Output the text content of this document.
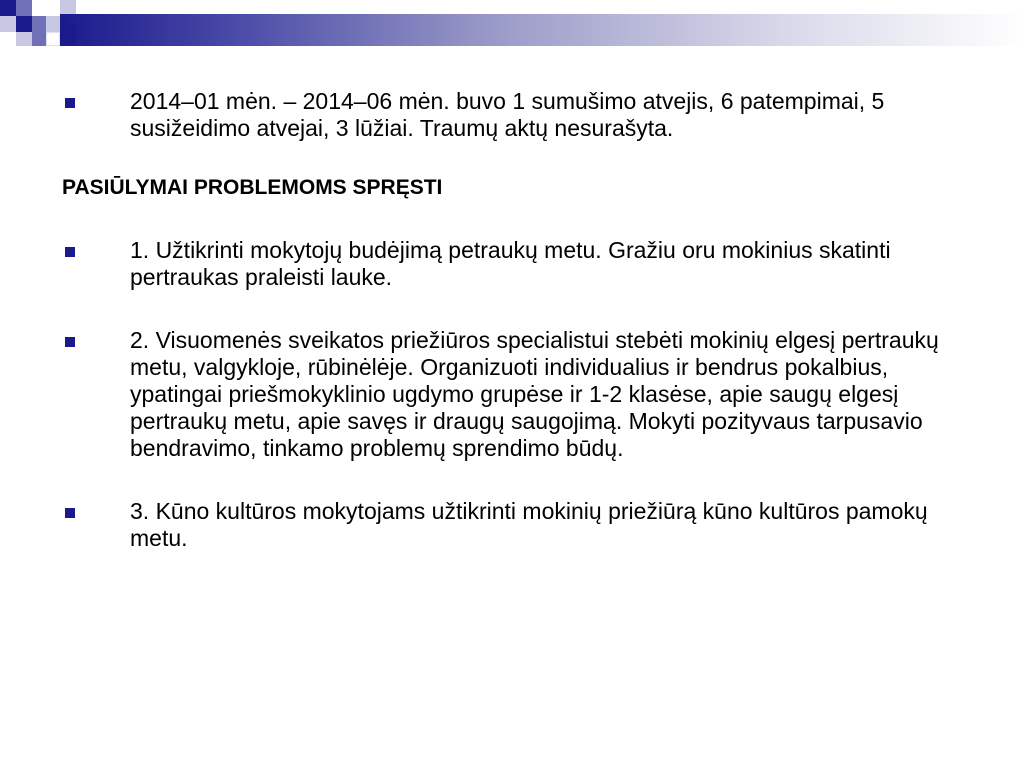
2014–01 mėn. – 2014–06 mėn. buvo 1 sumušimo atvejis, 6 patempimai, 5 susižeidimo atvejai, 3 lūžiai. Traumų aktų nesurašyta.
PASIŪLYMAI PROBLEMOMS SPRĘSTI
1. Užtikrinti mokytojų budėjimą petraukų metu. Gražiu oru mokinius skatinti pertraukas praleisti lauke.
2. Visuomenės sveikatos priežiūros specialistui stebėti mokinių elgesį pertraukų metu, valgykloje, rūbinėlėje. Organizuoti individualius ir bendrus pokalbius, ypatingai priešmokyklinio ugdymo grupėse ir 1-2 klasėse, apie saugų elgesį pertraukų metu, apie savęs ir draugų saugojimą. Mokyti pozityvaus tarpusavio bendravimo, tinkamo problemų sprendimo būdų.
3. Kūno kultūros mokytojams užtikrinti mokinių priežiūrą kūno kultūros pamokų metu.
